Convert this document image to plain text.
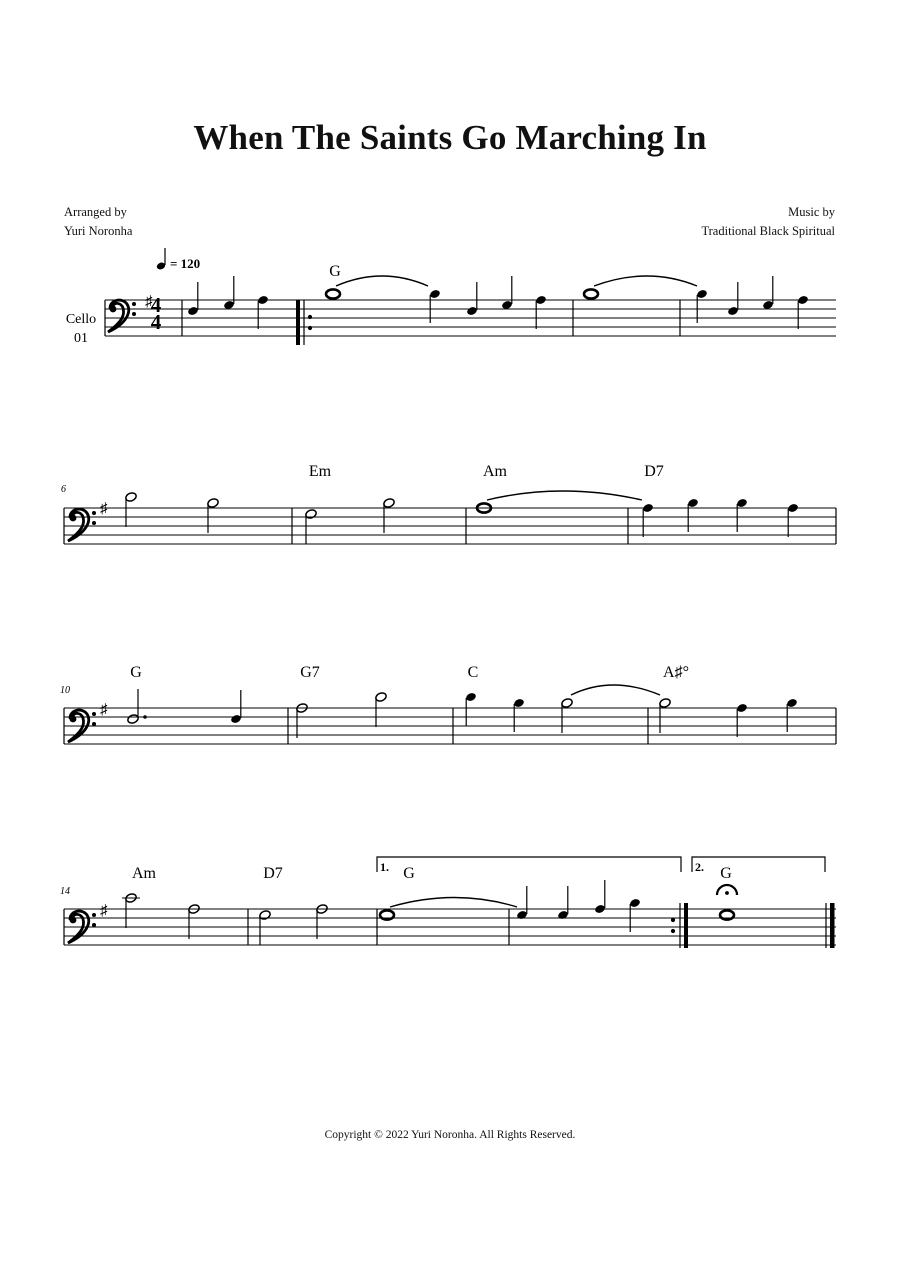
When The Saints Go Marching In
Arranged by
Yuri Noronha
Music by
Traditional Black Spiritual
= 120
Cello
01
♯
4
4
G
6
♯
Em	Am	D7
10
♯
G	G7	C	A♯°
14
♯
Am	D7	1. G	2. G
Copyright © 2022 Yuri Noronha. All Rights Reserved.
